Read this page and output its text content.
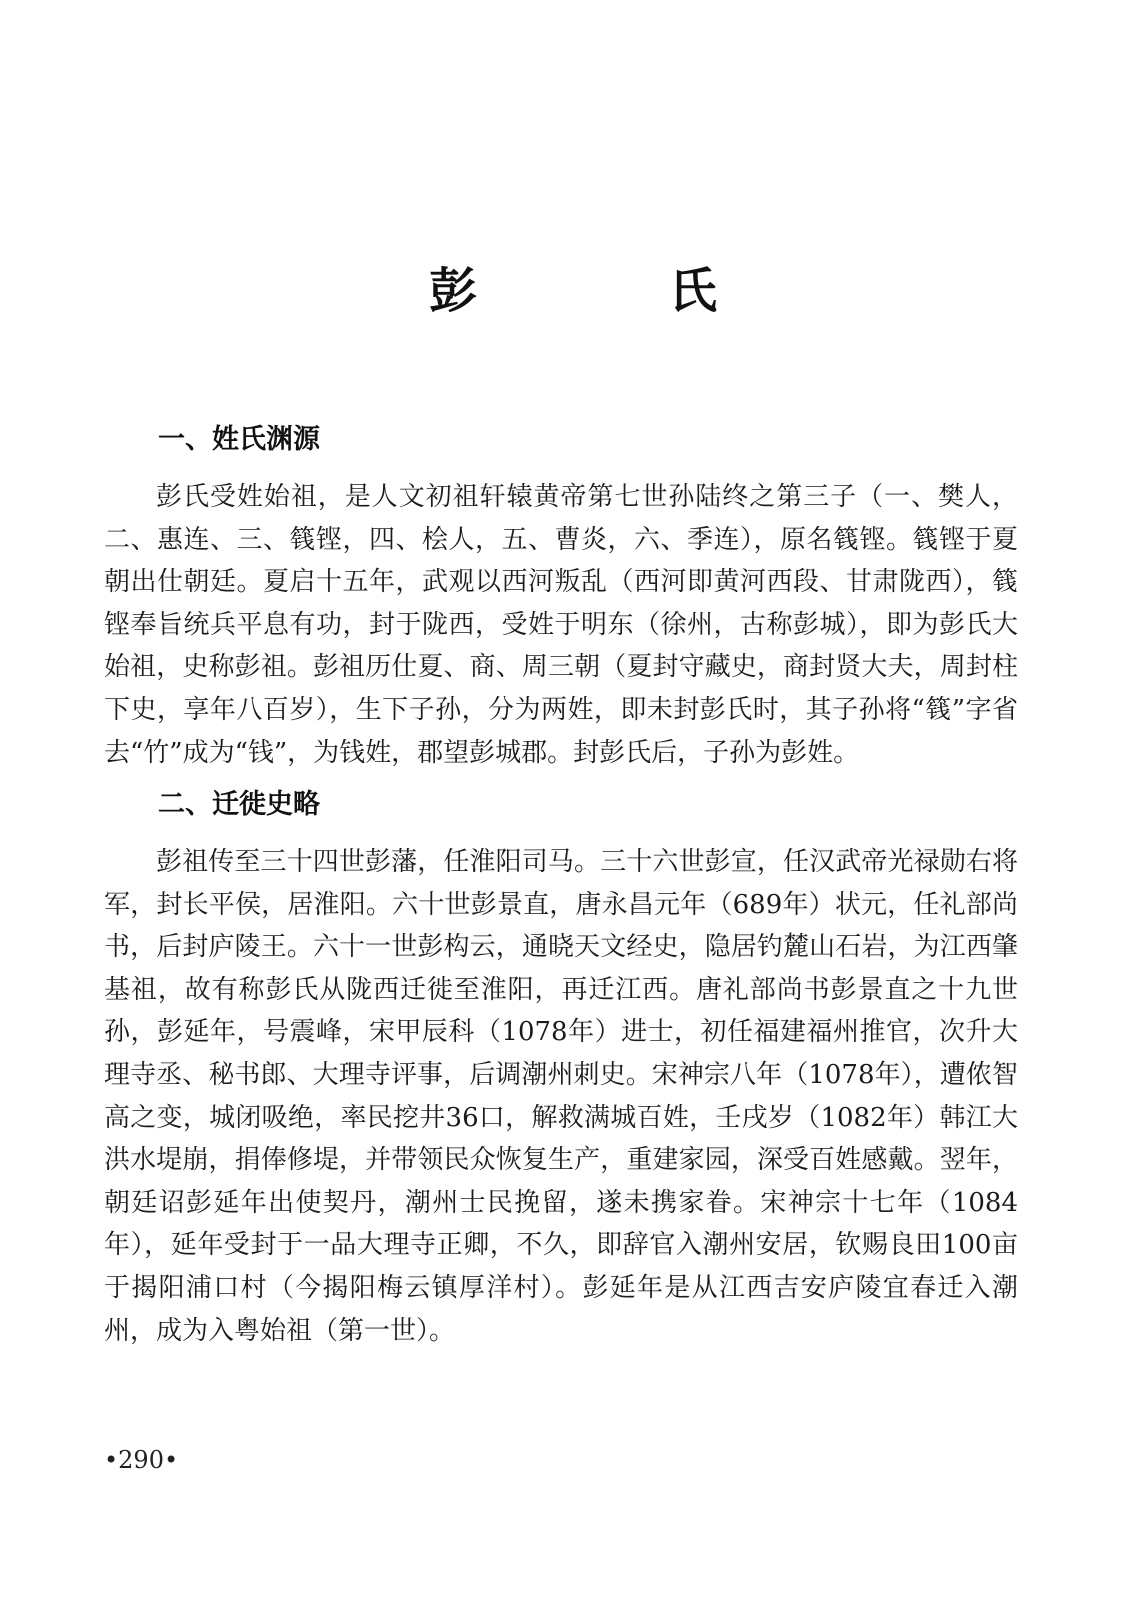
彭　氏
一、姓氏渊源
彭氏受姓始祖，是人文初祖轩辕黄帝第七世孙陆终之第三子（一、樊人，二、惠连、三、篯铿，四、桧人，五、曹炎，六、季连），原名篯铿。篯铿于夏朝出仕朝廷。夏启十五年，武观以西河叛乱（西河即黄河西段、甘肃陇西），篯铿奉旨统兵平息有功，封于陇西，受姓于明东（徐州，古称彭城），即为彭氏大始祖，史称彭祖。彭祖历仕夏、商、周三朝（夏封守藏史，商封贤大夫，周封柱下史，享年八百岁），生下子孙，分为两姓，即未封彭氏时，其子孙将“篯”字省去“竹”成为“钱”，为钱姓，郡望彭城郡。封彭氏后，子孙为彭姓。
二、迁徙史略
彭祖传至三十四世彭藩，任淮阳司马。三十六世彭宣，任汉武帝光禄勋右将军，封长平侯，居淮阳。六十世彭景直，唐永昌元年（689年）状元，任礼部尚书，后封庐陵王。六十一世彭构云，通晓天文经史，隐居钓麓山石岩，为江西肇基祖，故有称彭氏从陇西迁徙至淮阳，再迁江西。唐礼部尚书彭景直之十九世孙，彭延年，号震峰，宋甲辰科（1078年）进士，初任福建福州推官，次升大理寺丞、秘书郎、大理寺评事，后调潮州刺史。宋神宗八年（1078年），遭侬智高之变，城闭吸绝，率民挖井36口，解救满城百姓，壬戌岁（1082年）韩江大洪水堤崩，捐俸修堤，并带领民众恢复生产，重建家园，深受百姓感戴。翌年，朝廷诏彭延年出使契丹，潮州士民挽留，遂未携家眷。宋神宗十七年（1084年），延年受封于一品大理寺正卿，不久，即辞官入潮州安居，钦赐良田100亩于揭阳浦口村（今揭阳梅云镇厚洋村）。彭延年是从江西吉安庐陵宜春迁入潮州，成为入粤始祖（第一世）。
•290•
